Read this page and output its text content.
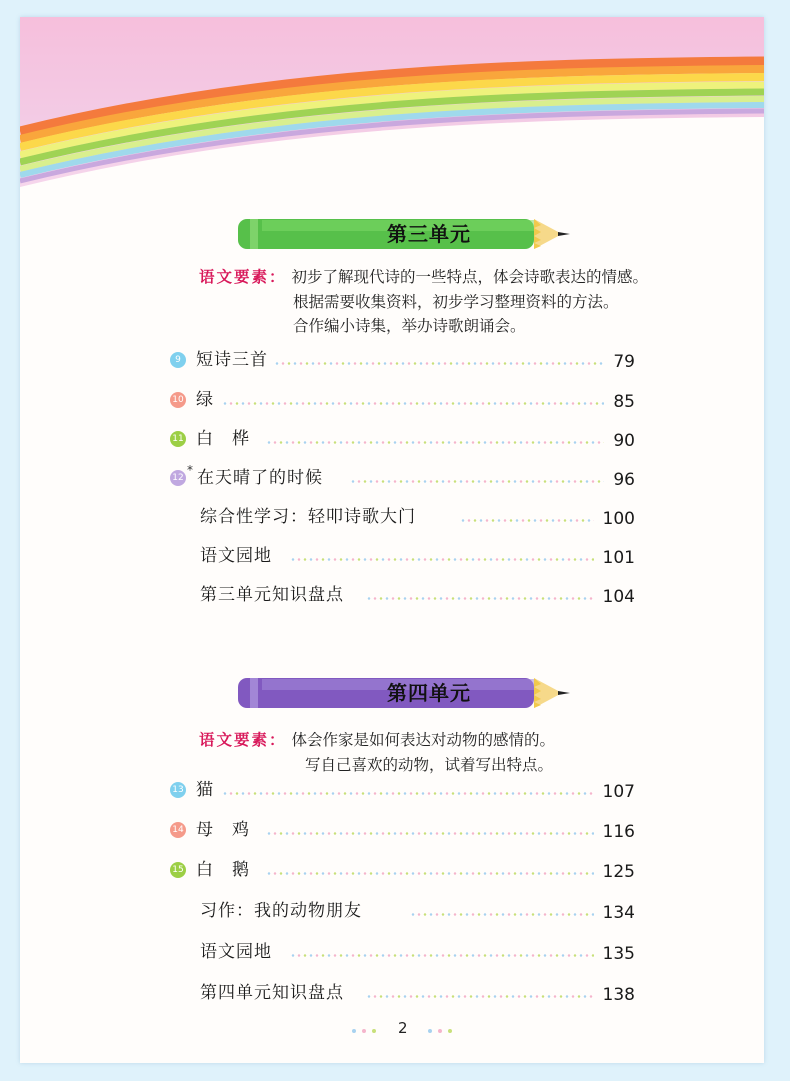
第三单元
语文要素： 初步了解现代诗的一些特点，体会诗歌表达的情感。
根据需要收集资料，初步学习整理资料的方法。
合作编小诗集，举办诗歌朗诵会。
9 短诗三首	79
10 绿	85
11 白　桦	90
12
* 在天晴了的时候	96
综合性学习：轻叩诗歌大门	100
语文园地	101
第三单元知识盘点	104
第四单元
语文要素： 体会作家是如何表达对动物的感情的。
写自己喜欢的动物，试着写出特点。
13 猫	107
14 母　鸡	116
15 白　鹅	125
习作：我的动物朋友	134
语文园地	135
第四单元知识盘点	138
2
